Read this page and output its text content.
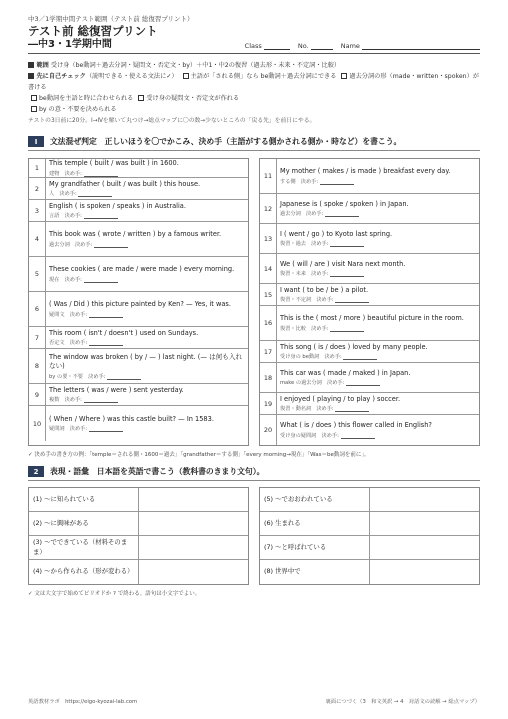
中3／1学期中間テスト範囲（テスト前 総復習プリント）
テスト前 総復習プリント
―中3・1学期中間	Class	No.	Name
範囲 受け身（be動詞＋過去分詞・疑問文・否定文・by）＋中1・中2の復習（過去形・未来・不定詞・比較）
先に自己チェック（説明できる・使える文法に✓） 主語が「される側」なら be動詞＋過去分詞にできる 過去分詞の形（made・written・spoken）が書ける
be動詞を主語と時に合わせられる 受け身の疑問文・否定文が作れる
by の意・不要を決められる
テストの3日前に20分。Ⅰ→Ⅳを解いて丸つけ→総点マップに〇の数→少ないところの「戻る先」を前日にやる。
Ⅰ	文法混ぜ判定　正しいほうを〇でかこみ、決め手（主語がする側かされる側か・時など）を書こう。
1
This temple ( built / was built ) in 1600.
建物　 決め手:
2
My grandfather ( built / was built ) this house.
人　 決め手:
3
English ( is spoken / speaks ) in Australia.
言語　 決め手:
4
This book was ( wrote / written ) by a famous writer.
過去分詞　 決め手:
5
These cookies ( are made / were made ) every morning.
現在　 決め手:
6
( Was / Did ) this picture painted by Ken? — Yes, it was.
疑問文　 決め手:
7
This room ( isn't / doesn't ) used on Sundays.
否定文　 決め手:
8
The window was broken ( by / — ) last night. (— は何も入れない)
by の要・不要　 決め手:
9
The letters ( was / were ) sent yesterday.
複数　 決め手:
10
( When / Where ) was this castle built? — In 1583.
疑問詞　 決め手:
11
My mother ( makes / is made ) breakfast every day.
する側　 決め手:
12
Japanese is ( spoke / spoken ) in Japan.
過去分詞　 決め手:
13
I ( went / go ) to Kyoto last spring.
復習・過去　 決め手:
14
We ( will / are ) visit Nara next month.
復習・未来　 決め手:
15
I want ( to be / be ) a pilot.
復習・不定詞　 決め手:
16
This is the ( most / more ) beautiful picture in the room.
復習・比較　 決め手:
17
This song ( is / does ) loved by many people.
受け身の be動詞　 決め手:
18
This car was ( made / maked ) in Japan.
make の過去分詞　 決め手:
19
I enjoyed ( playing / to play ) soccer.
復習・動名詞　 決め手:
20
What ( is / does ) this flower called in English?
受け身の疑問詞　 決め手:
✓ 決め手の書き方の例：「temple＝される側・1600＝過去」「grandfather＝する側」「every morning→現在」「Was＝be動詞を前に」。
2	表現・語彙　日本語を英語で書こう（教科書のきまり文句）。
(1) 〜に知られている
(2) 〜に興味がある
(3) 〜でできている（材料そのまま）
(4) 〜から作られる（形が変わる）
(5) 〜でおおわれている
(6) 生まれる
(7) 〜と呼ばれている
(8) 世界中で
✓ 文は大文字で始めてピリオドか ? で終わる。語句は小文字でよい。
英語教材ラボ　https://eigo-kyozai-lab.com	裏面につづく（3　和文英訳 → 4　対話文の読解 → 総点マップ）
